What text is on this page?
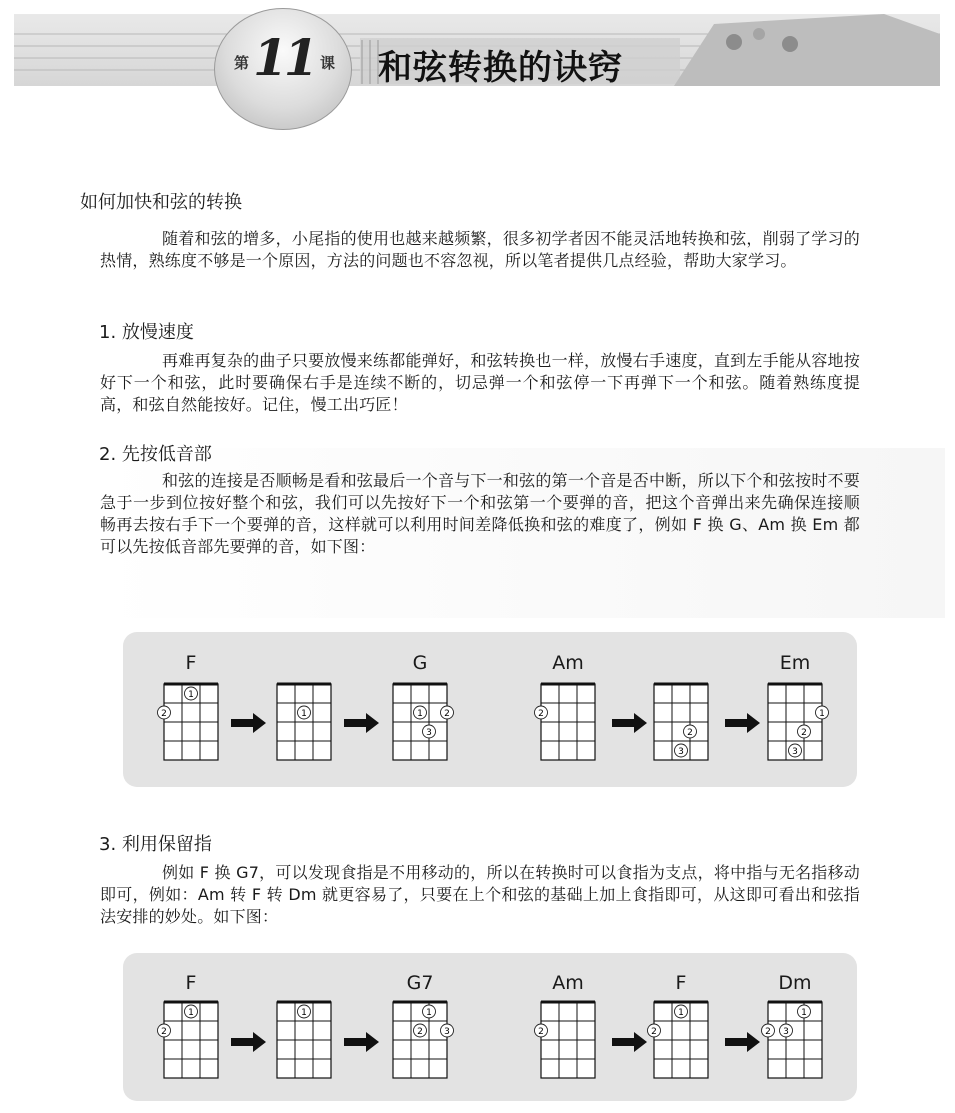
第 11 课 和弦转换的诀窍
如何加快和弦的转换
随着和弦的增多，小尾指的使用也越来越频繁，很多初学者因不能灵活地转换和弦，削弱了学习的热情，熟练度不够是一个原因，方法的问题也不容忽视，所以笔者提供几点经验，帮助大家学习。
1. 放慢速度
再难再复杂的曲子只要放慢来练都能弹好，和弦转换也一样，放慢右手速度，直到左手能从容地按好下一个和弦，此时要确保右手是连续不断的，切忌弹一个和弦停一下再弹下一个和弦。随着熟练度提高，和弦自然能按好。记住，慢工出巧匠！
2. 先按低音部
和弦的连接是否顺畅是看和弦最后一个音与下一和弦的第一个音是否中断，所以下个和弦按时不要急于一步到位按好整个和弦，我们可以先按好下一个和弦第一个要弹的音，把这个音弹出来先确保连接顺畅再去按右手下一个要弹的音，这样就可以利用时间差降低换和弦的难度了，例如 F 换 G、Am 换 Em 都可以先按低音部先要弹的音，如下图：
F
1
2	1
G
1 2
3
Am
2
2
3
Em
1
2
3
3. 利用保留指
例如 F 换 G7，可以发现食指是不用移动的，所以在转换时可以食指为支点，将中指与无名指移动即可，例如：Am 转 F 转 Dm 就更容易了，只要在上个和弦的基础上加上食指即可，从这即可看出和弦指法安排的妙处。如下图：
F
1
2
1
G7
1
2 3
Am
2
F
1
2
Dm
1
2 3
